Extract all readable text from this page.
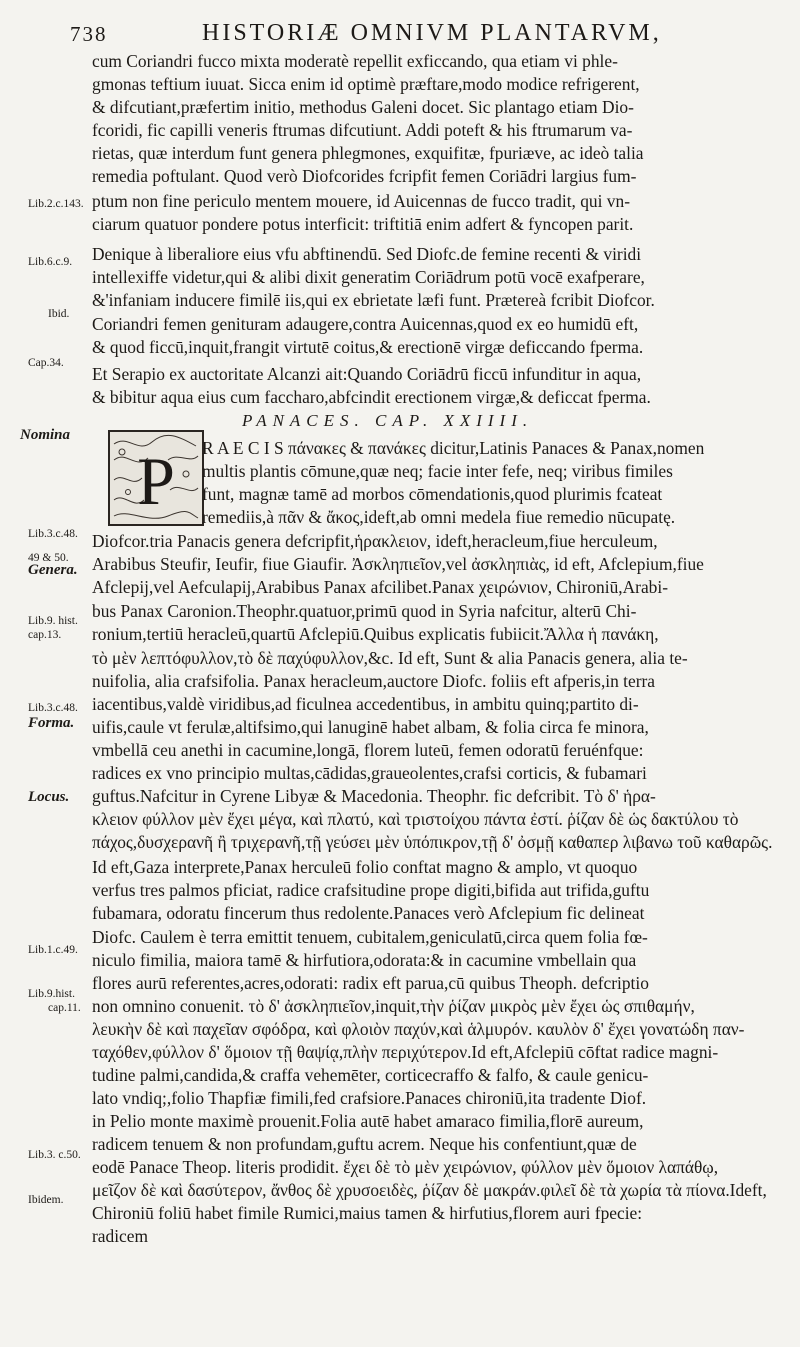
738	HISTORIÆ OMNIVM PLANTARVM,
Lib.2.c.143.
Lib.6.c.9.
Ibid.
Cap.34.
Nomina
Lib.3.c.48.
49 & 50.
Genera.
Lib.9. hist.
cap.13.
Lib.3.c.48.
Forma.
Locus.
Lib.1.c.49.
Lib.9.hist.
cap.11.
Lib.3. c.50.
Ibidem.
P
cum Coriandri fucco mixta moderatè repellit exficcando, qua etiam vi phle-
gmonas teftium iuuat. Sicca enim id optimè præftare,modo modice refrigerent,
& difcutiant,præfertim initio, methodus Galeni docet. Sic plantago etiam Dio-
fcoridi, fic capilli veneris ftrumas difcutiunt. Addi poteft & his ftrumarum va-
rietas, quæ interdum funt genera phlegmones, exquifitæ, fpuriæve, ac ideò talia
remedia poftulant. Quod verò Diofcorides fcripfit femen Coriādri largius fum-
ptum non fine periculo mentem mouere, id Auicennas de fucco tradit, qui vn-
ciarum quatuor pondere potus interficit: triftitiā enim adfert & fyncopen parit.
Denique à liberaliore eius vfu abftinendū. Sed Diofc.de femine recenti & viridi
intellexiffe videtur,qui & alibi dixit generatim Coriādrum potū vocē exafperare,
&'infaniam inducere fimilē iis,qui ex ebrietate læfi funt. Prætereà fcribit Diofcor.
Coriandri femen genituram adaugere,contra Auicennas,quod ex eo humidū eft,
& quod ficcū,inquit,frangit virtutē coitus,& erectionē virgæ deficcando fperma.
Et Serapio ex auctoritate Alcanzi ait:Quando Coriādrū ficcū infunditur in aqua,
& bibitur aqua eius cum faccharo,abfcindit erectionem virgæ,& deficcat fperma.
PANACES. CAP. XXIIII.
R A E C I S πάνακες & πανάκες dicitur,Latinis Panaces & Panax,nomen
multis plantis cōmune,quæ neq; facie inter fefe, neq; viribus fimiles
funt, magnæ tamē ad morbos cōmendationis,quod plurimis fcateat
remediis,à πᾶν & ἄκος,ideft,ab omni medela fiue remedio nūcupatę.
Diofcor.tria Panacis genera defcripfit,ἡρακλειον, ideft,heracleum,fiue herculeum,
Arabibus Steufir, Ieufir, fiue Giaufir. Ἀσκληπιεῖον,vel ἀσκληπιὰς, id eft, Afclepium,fiue
Afclepij,vel Aefculapij,Arabibus Panax afcilibet.Panax χειρώνιον, Chironiū,Arabi-
bus Panax Caronion.Theophr.quatuor,primū quod in Syria nafcitur, alterū Chi-
ronium,tertiū heracleū,quartū Afclepiū.Quibus explicatis fubiicit.Ἄλλα ἡ πανάκη,
τὸ μὲν λεπτόφυλλον,τὸ δὲ παχύφυλλον,&c. Id eft, Sunt & alia Panacis genera, alia te-
nuifolia, alia crafsifolia. Panax heracleum,auctore Diofc. foliis eft afperis,in terra
iacentibus,valdè viridibus,ad ficulnea accedentibus, in ambitu quinq;partito di-
uifis,caule vt ferulæ,altifsimo,qui lanuginē habet albam, & folia circa fe minora,
vmbellā ceu anethi in cacumine,longā, florem luteū, femen odoratū feruénfque:
radices ex vno principio multas,cādidas,graueolentes,crafsi corticis, & fubamari
guftus.Nafcitur in Cyrene Libyæ & Macedonia. Theophr. fic defcribit. Τὸ δ' ἡρα-
κλειον φύλλον μὲν ἔχει μέγα, καὶ πλατύ, καὶ τριστοίχου πάντα ἐστί. ῥίζαν δὲ ὡς δακτύλου τὸ
πάχος,δυσχερανῆ ἢ τριχερανῆ,τῇ γεύσει μὲν ὑπόπικρον,τῇ δ' ὀσμῇ καθαπερ λιβανω τοῦ καθαρῶς.
Id eft,Gaza interprete,Panax herculeū folio conftat magno & amplo, vt quoquo
verfus tres palmos pficiat, radice crafsitudine prope digiti,bifida aut trifida,guftu
fubamara, odoratu fincerum thus redolente.Panaces verò Afclepium fic delineat
Diofc. Caulem è terra emittit tenuem, cubitalem,geniculatū,circa quem folia fœ-
niculo fimilia, maiora tamē & hirfutiora,odorata:& in cacumine vmbellain qua
flores aurū referentes,acres,odorati: radix eft parua,cū quibus Theoph. defcriptio
non omnino conuenit. τὸ δ' ἀσκληπιεῖον,inquit,τὴν ῥίζαν μικρὸς μὲν ἔχει ὡς σπιθαμήν,
λευκὴν δὲ καὶ παχεῖαν σφόδρα, καὶ φλοιὸν παχύν,καὶ ἁλμυρόν. καυλὸν δ' ἔχει γονατώδη παν-
ταχόθεν,φύλλον δ' ὅμοιον τῇ θαψίᾳ,πλὴν περιχύτερον.Id eft,Afclepiū cōftat radice magni-
tudine palmi,candida,& craffa vehemēter, corticecraffo & falfo, & caule genicu-
lato vndiq;,folio Thapfiæ fimili,fed crafsiore.Panaces chironiū,ita tradente Diof.
in Pelio monte maximè prouenit.Folia autē habet amaraco fimilia,florē aureum,
radicem tenuem & non profundam,guftu acrem. Neque his confentiunt,quæ de
eodē Panace Theop. literis prodidit. ἔχει δὲ τὸ μὲν χειρώνιον, φύλλον μὲν ὅμοιον λαπάθῳ,
μεῖζον δὲ καὶ δασύτερον, ἄνθος δὲ χρυσοειδὲς, ῥίζαν δὲ μακράν.φιλεῖ δὲ τὰ χωρία τὰ πίονα.Ideft,
Chironiū foliū habet fimile Rumici,maius tamen & hirfutius,florem auri fpecie:
radicem
